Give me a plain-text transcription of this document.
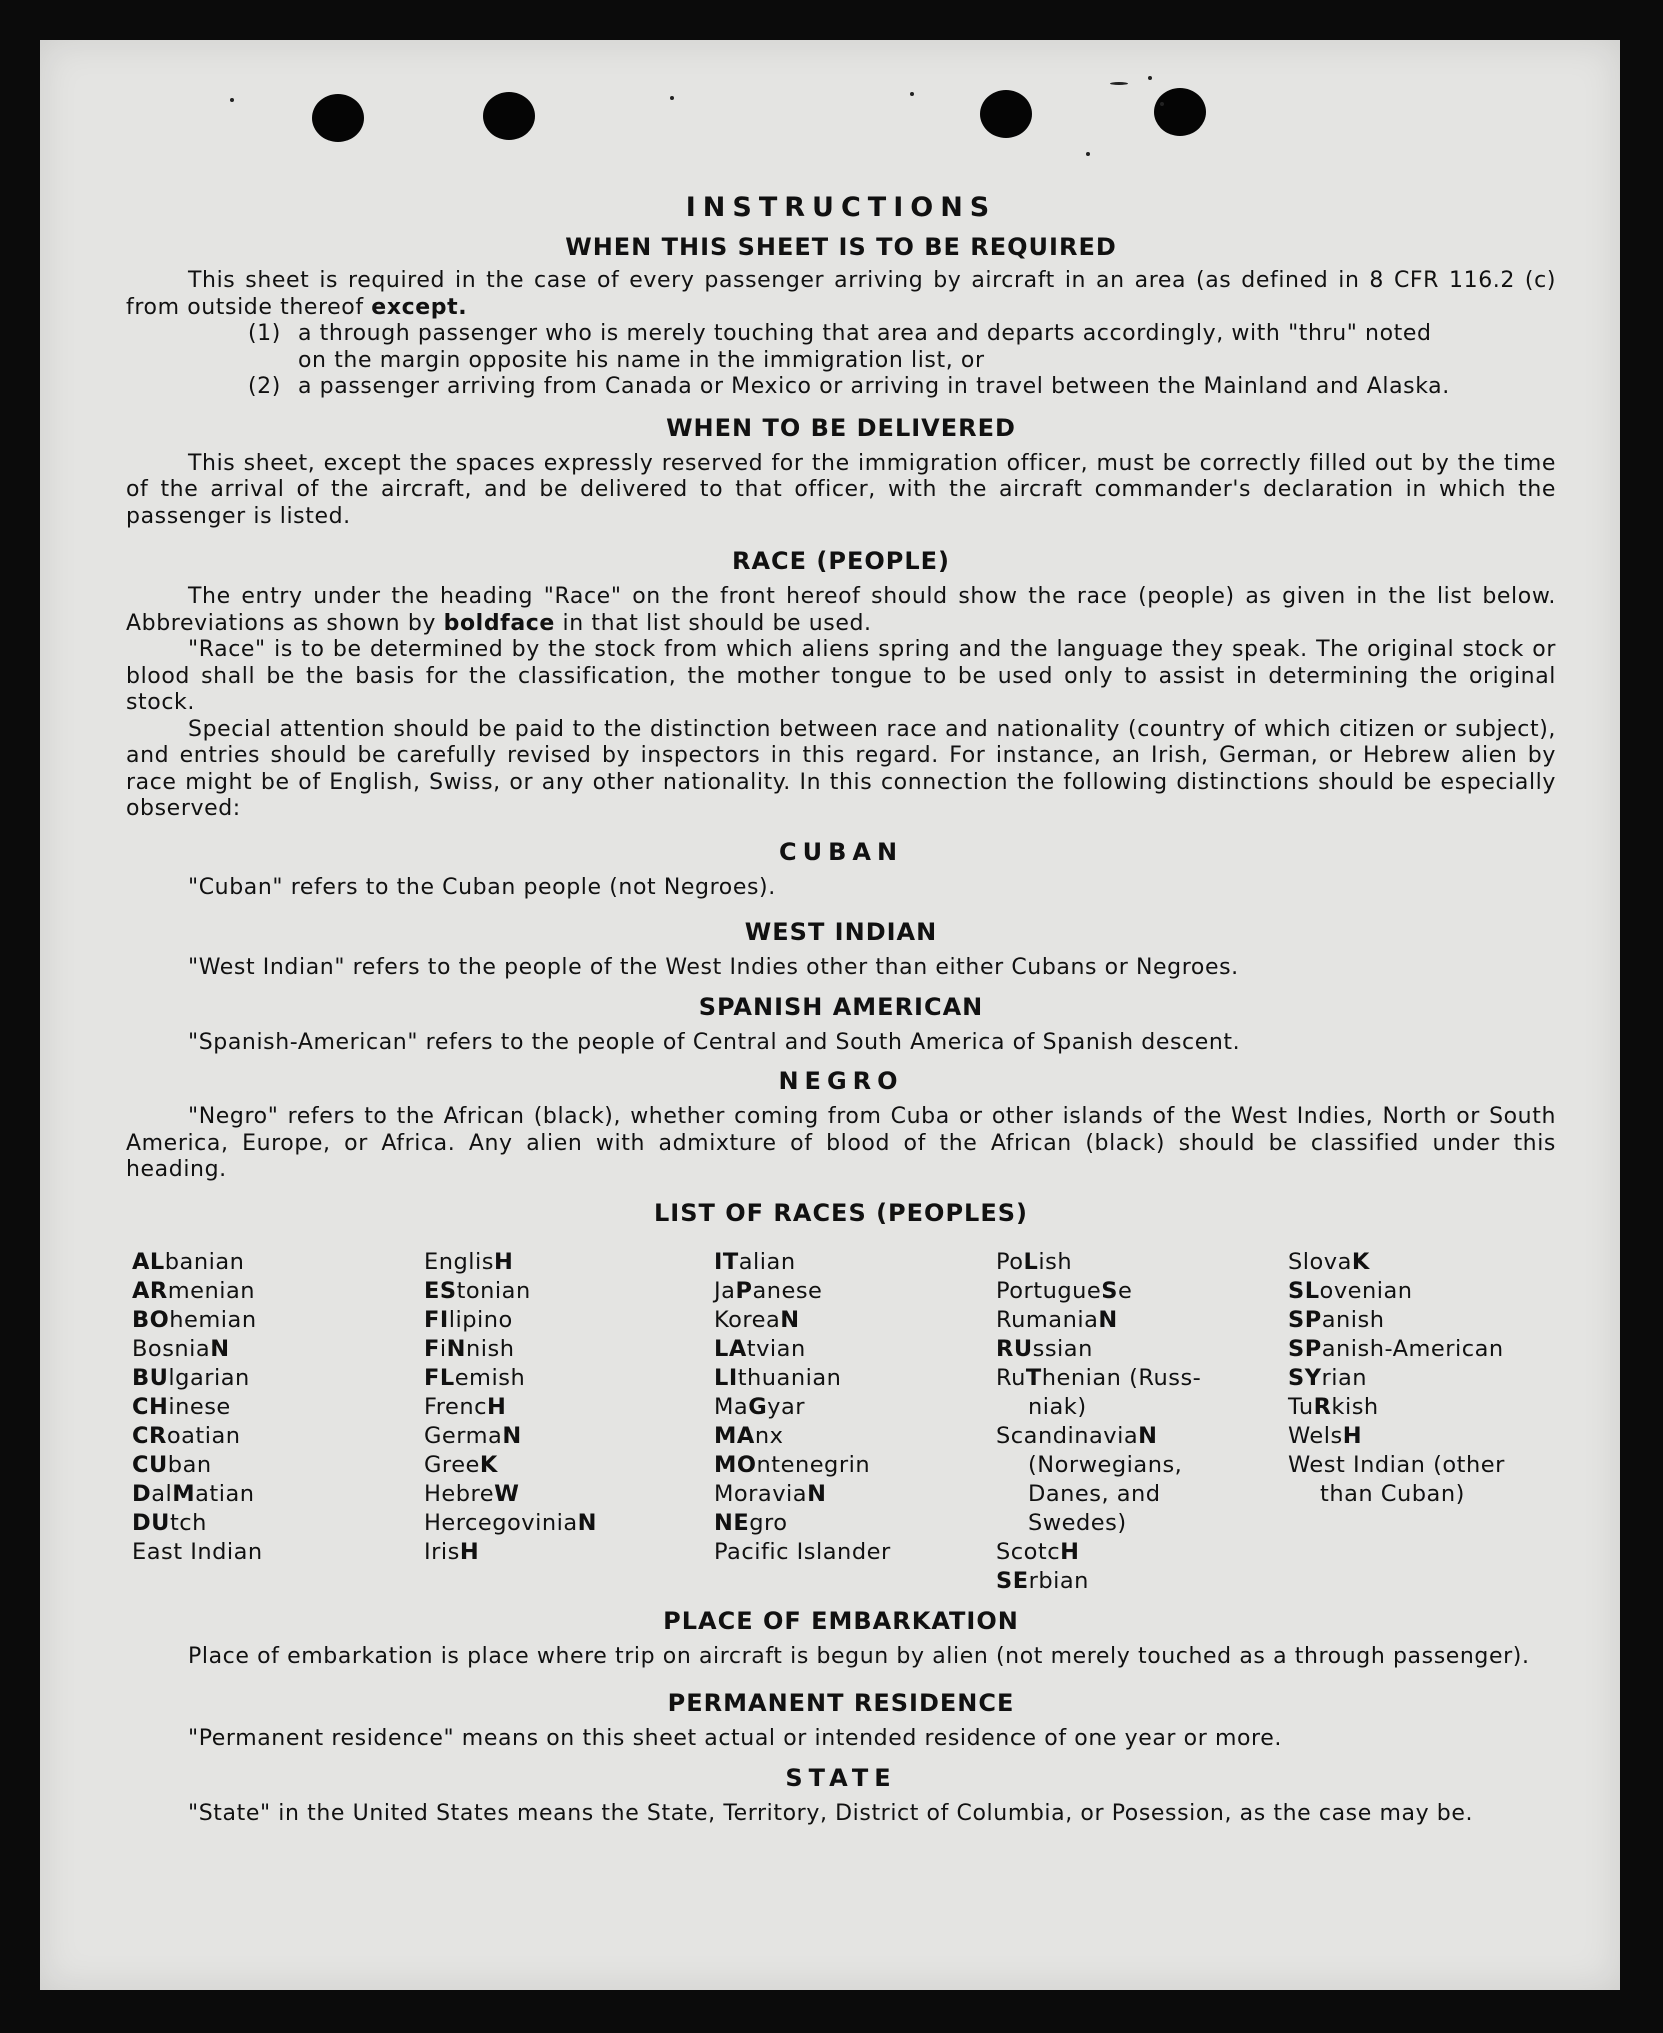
INSTRUCTIONS
WHEN THIS SHEET IS TO BE REQUIRED

This sheet is required in the case of every passenger arriving by aircraft in an area (as defined in 8 CFR 116.2 (c) from outside thereof except.

(1) a through passenger who is merely touching that area and departs accordingly, with "thru" noted
on the margin opposite his name in the immigration list, or
(2) a passenger arriving from Canada or Mexico or arriving in travel between the Mainland and Alaska.
WHEN TO BE DELIVERED

This sheet, except the spaces expressly reserved for the immigration officer, must be correctly filled out by the time of the arrival of the aircraft, and be delivered to that officer, with the aircraft commander's declaration in which the passenger is listed.

RACE (PEOPLE)

The entry under the heading "Race" on the front hereof should show the race (people) as given in the list below. Abbreviations as shown by boldface in that list should be used.

"Race" is to be determined by the stock from which aliens spring and the language they speak. The original stock or blood shall be the basis for the classification, the mother tongue to be used only to assist in determining the original stock.

Special attention should be paid to the distinction between race and nationality (country of which citizen or subject), and entries should be carefully revised by inspectors in this regard. For instance, an Irish, German, or Hebrew alien by race might be of English, Swiss, or any other nationality. In this connection the following distinctions should be especially observed:

CUBAN

"Cuban" refers to the Cuban people (not Negroes).

WEST INDIAN

"West Indian" refers to the people of the West Indies other than either Cubans or Negroes.

SPANISH AMERICAN

"Spanish-American" refers to the people of Central and South America of Spanish descent.

NEGRO

"Negro" refers to the African (black), whether coming from Cuba or other islands of the West Indies, North or South America, Europe, or Africa. Any alien with admixture of blood of the African (black) should be classified under this heading.

LIST OF RACES (PEOPLES)
ALbanian
ARmenian
BOhemian
BosniaN
BUlgarian
CHinese
CRoatian
CUban
DalMatian
DUtch
East Indian
EnglisH
EStonian
FIlipino
FiNnish
FLemish
FrencH
GermaN
GreeK
HebreW
HercegoviniaN
IrisH
ITalian
JaPanese
KoreaN
LAtvian
LIthuanian
MaGyar
MAnx
MOntenegrin
MoraviaN
NEgro
Pacific Islander
PoLish
PortugueSe
RumaniaN
RUssian
RuThenian (Russ-
niak)
ScandinaviaN
(Norwegians,
Danes, and
Swedes)
ScotcH
SErbian
SlovaK
SLovenian
SPanish
SPanish-American
SYrian
TuRkish
WelsH
West Indian (other
than Cuban)
PLACE OF EMBARKATION

Place of embarkation is place where trip on aircraft is begun by alien (not merely touched as a through passenger).

PERMANENT RESIDENCE

"Permanent residence" means on this sheet actual or intended residence of one year or more.

STATE

"State" in the United States means the State, Territory, District of Columbia, or Posession, as the case may be.
